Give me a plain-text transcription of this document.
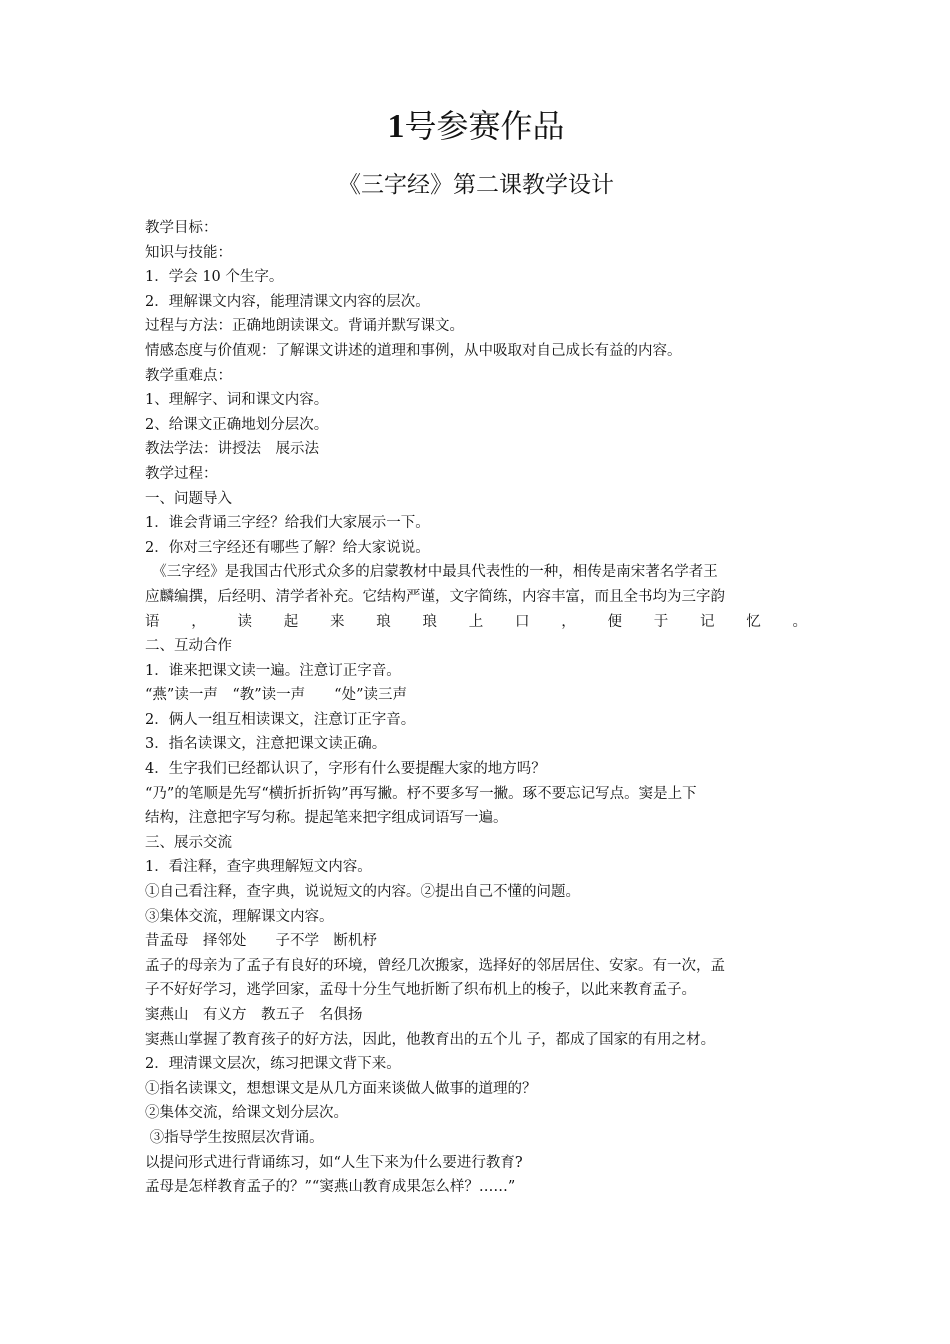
1号参赛作品
《三字经》第二课教学设计
教学目标：
知识与技能：
1．学会 10 个生字。
2．理解课文内容，能理清课文内容的层次。
过程与方法：正确地朗读课文。背诵并默写课文。
情感态度与价值观：了解课文讲述的道理和事例，从中吸取对自己成长有益的内容。
教学重难点：
1、理解字、词和课文内容。
2、给课文正确地划分层次。
教法学法：讲授法　展示法
教学过程：
一、问题导入
1．谁会背诵三字经？给我们大家展示一下。
2．你对三字经还有哪些了解？给大家说说。
　《三字经》是我国古代形式众多的启蒙教材中最具代表性的一种，相传是南宋著名学者王
应麟编撰，后经明、清学者补充。它结构严谨，文字简练，内容丰富，而且全书均为三字韵
语 ， 读 起 来 琅 琅 上 口 ， 便 于 记 忆 。
二、互动合作
1．谁来把课文读一遍。注意订正字音。
“燕”读一声　“教”读一声　　“处”读三声
2．俩人一组互相读课文，注意订正字音。
3．指名读课文，注意把课文读正确。
4．生字我们已经都认识了，字形有什么要提醒大家的地方吗？
“乃”的笔顺是先写“横折折折钩”再写撇。杼不要多写一撇。琢不要忘记写点。窦是上下
结构，注意把字写匀称。提起笔来把字组成词语写一遍。
三、展示交流
1．看注释，查字典理解短文内容。
①自己看注释，查字典，说说短文的内容。②提出自己不懂的问题。
③集体交流，理解课文内容。
昔孟母　择邻处　　子不学　断机杼
孟子的母亲为了孟子有良好的环境，曾经几次搬家，选择好的邻居居住、安家。有一次，孟
子不好好学习，逃学回家，孟母十分生气地折断了织布机上的梭子，以此来教育孟子。
窦燕山　有义方　教五子　名俱扬
窦燕山掌握了教育孩子的好方法，因此，他教育出的五个儿 子，都成了国家的有用之材。
2．理清课文层次，练习把课文背下来。
①指名读课文，想想课文是从几方面来谈做人做事的道理的？
②集体交流，给课文划分层次。
③指导学生按照层次背诵。
以提问形式进行背诵练习，如“人生下来为什么要进行教育?
孟母是怎样教育孟子的？”“窦燕山教育成果怎么样？……”
